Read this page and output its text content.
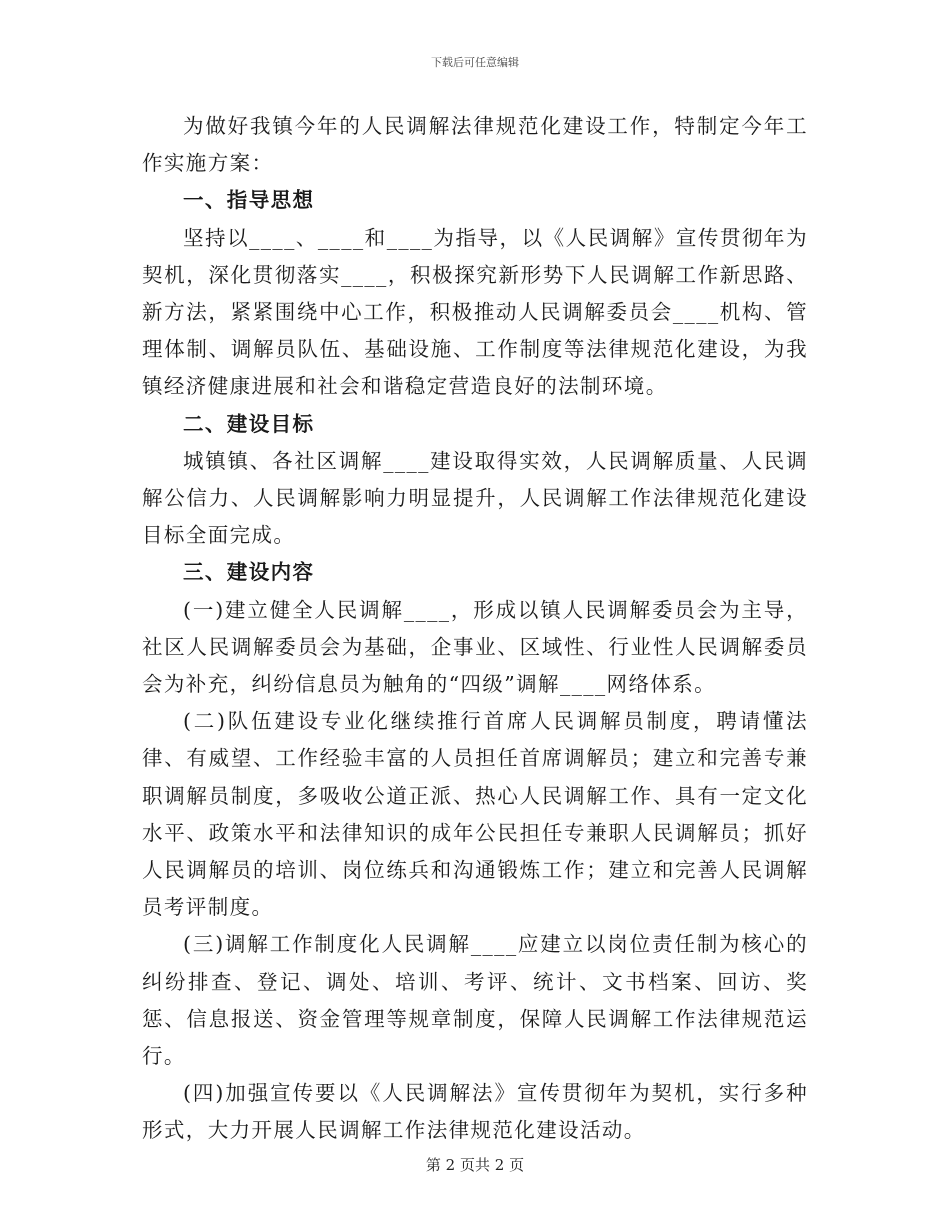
下载后可任意编辑

为做好我镇今年的人民调解法律规范化建设工作，特制定今年工作实施方案：

一、指导思想

坚持以____、____和____为指导，以《人民调解》宣传贯彻年为契机，深化贯彻落实____，积极探究新形势下人民调解工作新思路、新方法，紧紧围绕中心工作，积极推动人民调解委员会____机构、管理体制、调解员队伍、基础设施、工作制度等法律规范化建设，为我镇经济健康进展和社会和谐稳定营造良好的法制环境。

二、建设目标

城镇镇、各社区调解____建设取得实效，人民调解质量、人民调解公信力、人民调解影响力明显提升，人民调解工作法律规范化建设目标全面完成。

三、建设内容

(一)建立健全人民调解____，形成以镇人民调解委员会为主导，社区人民调解委员会为基础，企事业、区域性、行业性人民调解委员会为补充，纠纷信息员为触角的“四级”调解____网络体系。

(二)队伍建设专业化继续推行首席人民调解员制度，聘请懂法律、有威望、工作经验丰富的人员担任首席调解员；建立和完善专兼职调解员制度，多吸收公道正派、热心人民调解工作、具有一定文化水平、政策水平和法律知识的成年公民担任专兼职人民调解员；抓好人民调解员的培训、岗位练兵和沟通锻炼工作；建立和完善人民调解员考评制度。

(三)调解工作制度化人民调解____应建立以岗位责任制为核心的纠纷排查、登记、调处、培训、考评、统计、文书档案、回访、奖惩、信息报送、资金管理等规章制度，保障人民调解工作法律规范运行。

(四)加强宣传要以《人民调解法》宣传贯彻年为契机，实行多种形式，大力开展人民调解工作法律规范化建设活动。

第 2 页共 2 页
